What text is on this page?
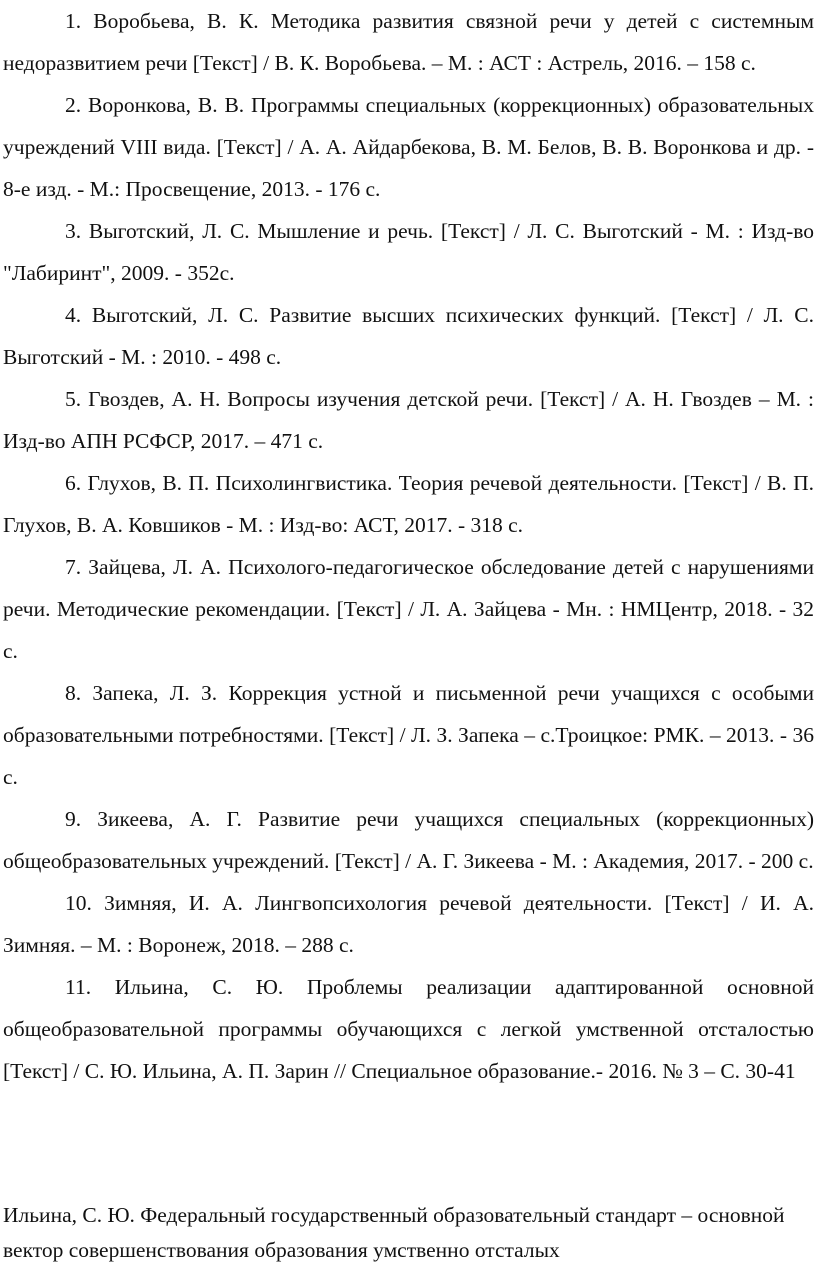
1. Воробьева, В. К. Методика развития связной речи у детей с системным недоразвитием речи [Текст] / В. К. Воробьева. – М. : АСТ : Астрель, 2016. – 158 с.
2. Воронкова, В. В. Программы специальных (коррекционных) образовательных учреждений VIII вида. [Текст] / А. А. Айдарбекова, В. М. Белов, В. В. Воронкова и др. - 8-е изд. - М.: Просвещение, 2013. - 176 с.
3. Выготский, Л. С. Мышление и речь. [Текст] / Л. С. Выготский - М. : Изд-во "Лабиринт", 2009. - 352с.
4. Выготский, Л. С. Развитие высших психических функций. [Текст] / Л. С. Выготский - М. : 2010. - 498 с.
5. Гвоздев, А. Н. Вопросы изучения детской речи. [Текст] / А. Н. Гвоздев – М. : Изд-во АПН РСФСР, 2017. – 471 с.
6. Глухов, В. П. Психолингвистика. Теория речевой деятельности. [Текст] / В. П. Глухов, В. А. Ковшиков - М. : Изд-во: АСТ, 2017. - 318 с.
7. Зайцева, Л. А. Психолого-педагогическое обследование детей с нарушениями речи. Методические рекомендации. [Текст] / Л. А. Зайцева - Мн. : НМЦентр, 2018. - 32 с.
8. Запека, Л. З. Коррекция устной и письменной речи учащихся с особыми образовательными потребностями. [Текст] / Л. З. Запека – с.Троицкое: РМК. – 2013. - 36 с.
9. Зикеева, А. Г. Развитие речи учащихся специальных (коррекционных) общеобразовательных учреждений. [Текст] / А. Г. Зикеева - М. : Академия, 2017. - 200 с.
10. Зимняя, И. А. Лингвопсихология речевой деятельности. [Текст] / И. А. Зимняя. – М. : Воронеж, 2018. – 288 с.
11. Ильина, С. Ю. Проблемы реализации адаптированной основной общеобразовательной программы обучающихся с легкой умственной отсталостью [Текст] / С. Ю. Ильина, А. П. Зарин // Специальное образование.- 2016. № 3 – С. 30-41

Ильина, С. Ю. Федеральный государственный образовательный стандарт – основной вектор совершенствования образования умственно отсталых
